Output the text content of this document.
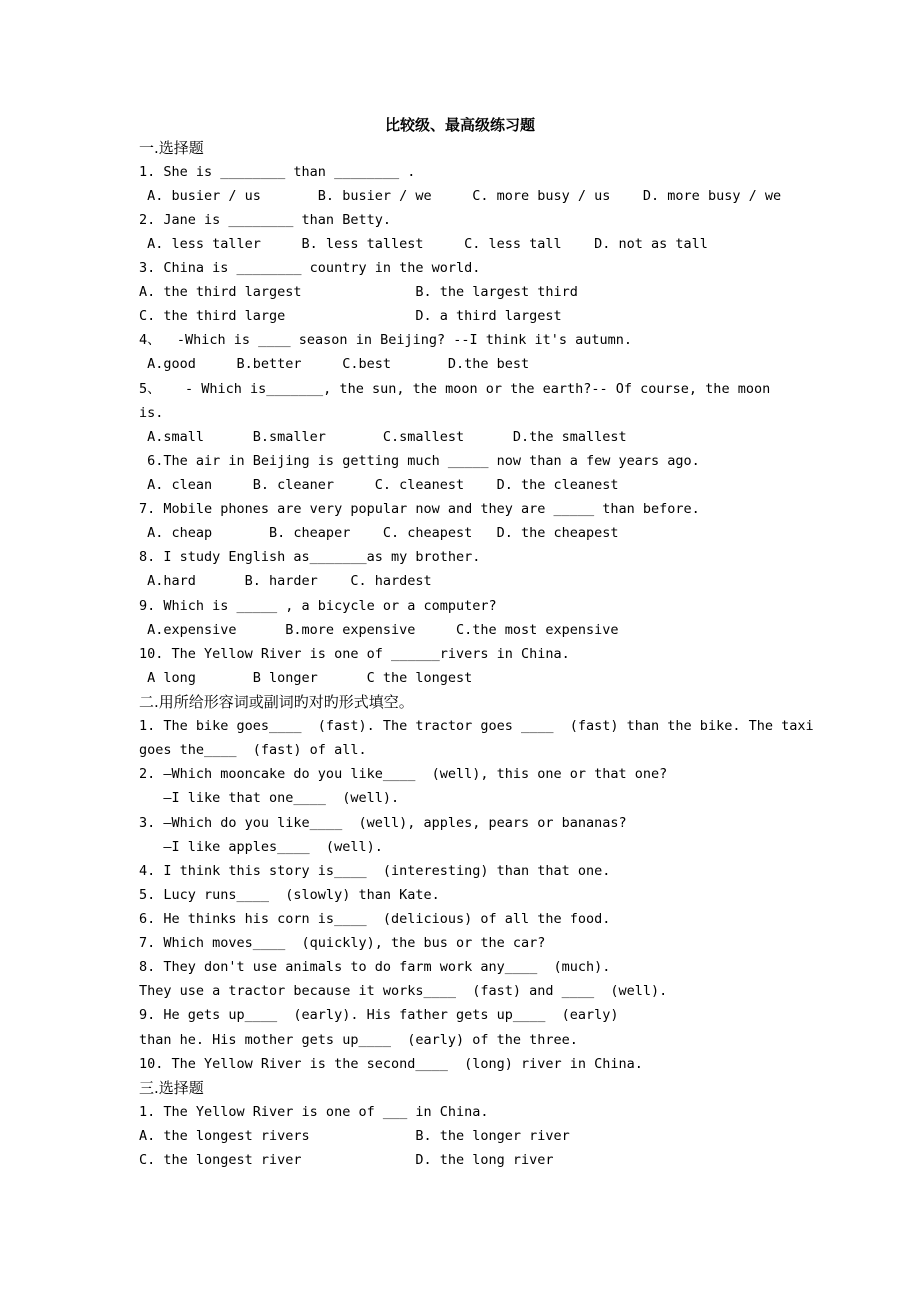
比较级、最高级练习题
一.选择题
1. She is ________ than ________ .
A. busier / us       B. busier / we     C. more busy / us    D. more busy / we
2. Jane is ________ than Betty.
A. less taller     B. less tallest     C. less tall    D. not as tall
3. China is ________ country in the world.
A. the third largest              B. the largest third
C. the third large                D. a third largest
4、  -Which is ____ season in Beijing? --I think it's autumn.
A.good     B.better     C.best       D.the best
5、   - Which is_______, the sun, the moon or the earth?-- Of course, the moon
is.
A.small      B.smaller       C.smallest      D.the smallest
6.The air in Beijing is getting much _____ now than a few years ago.
A. clean     B. cleaner     C. cleanest    D. the cleanest
7. Mobile phones are very popular now and they are _____ than before.
A. cheap       B. cheaper    C. cheapest   D. the cheapest
8. I study English as_______as my brother.
A.hard      B. harder    C. hardest
9. Which is _____ , a bicycle or a computer?
A.expensive      B.more expensive     C.the most expensive
10. The Yellow River is one of ______rivers in China.
A long       B longer      C the longest
二.用所给形容词或副词旳对旳形式填空。
1. The bike goes____  (fast). The tractor goes ____  (fast) than the bike. The taxi
goes the____  (fast) of all.
2. —Which mooncake do you like____  (well), this one or that one?
—I like that one____  (well).
3. —Which do you like____  (well), apples, pears or bananas?
—I like apples____  (well).
4. I think this story is____  (interesting) than that one.
5. Lucy runs____  (slowly) than Kate.
6. He thinks his corn is____  (delicious) of all the food.
7. Which moves____  (quickly), the bus or the car?
8. They don't use animals to do farm work any____  (much).
They use a tractor because it works____  (fast) and ____  (well).
9. He gets up____  (early). His father gets up____  (early)
than he. His mother gets up____  (early) of the three.
10. The Yellow River is the second____  (long) river in China.
三.选择题
1. The Yellow River is one of ___ in China.
A. the longest rivers             B. the longer river
C. the longest river              D. the long river
